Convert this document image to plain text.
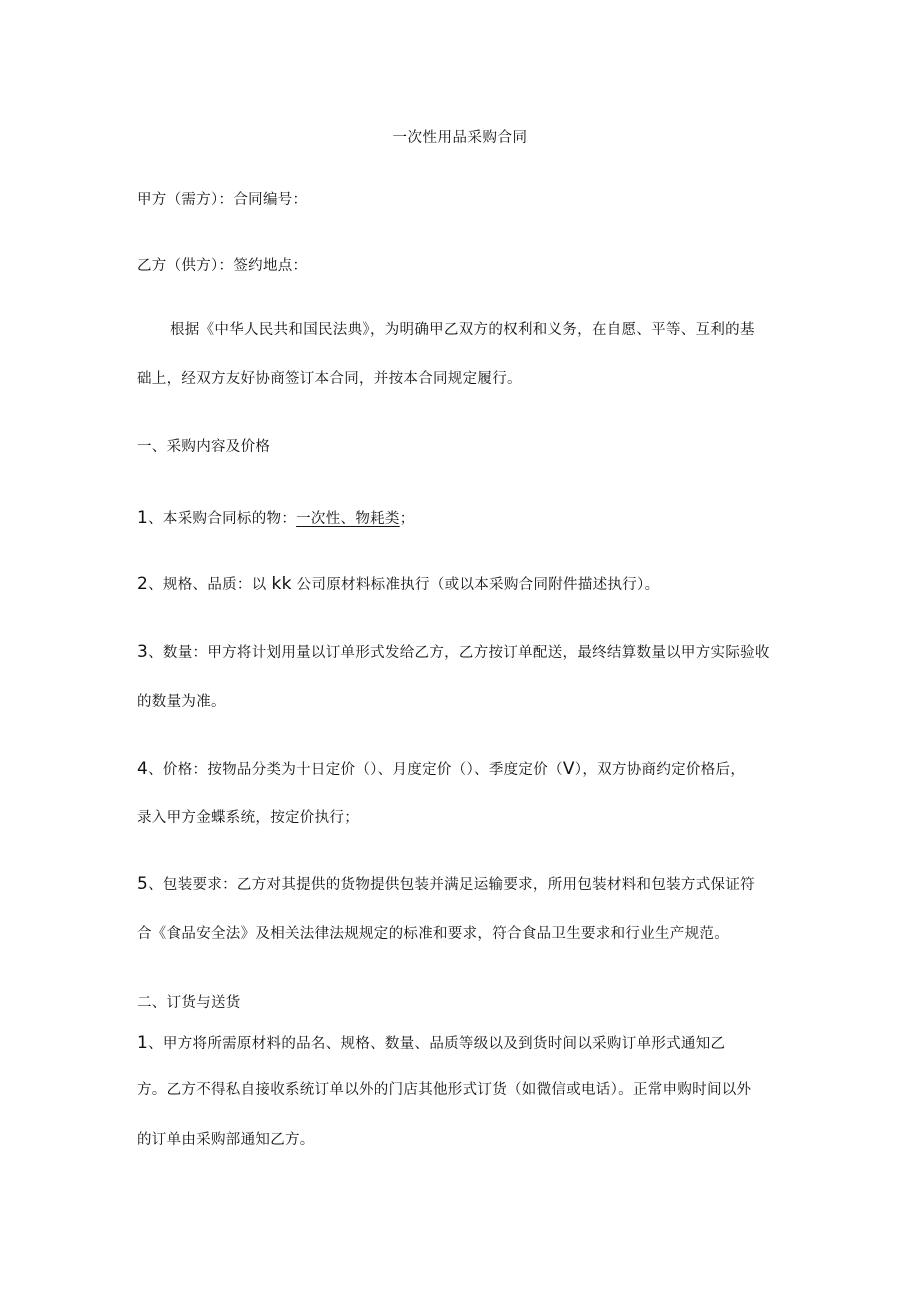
一次性用品采购合同
甲方（需方）：合同编号：
乙方（供方）：签约地点：
根据《中华人民共和国民法典》，为明确甲乙双方的权利和义务，在自愿、平等、互利的基
础上，经双方友好协商签订本合同，并按本合同规定履行。
一、采购内容及价格
1、本采购合同标的物：一次性、物耗类；
2、规格、品质：以 kk 公司原材料标准执行（或以本采购合同附件描述执行）。
3、数量：甲方将计划用量以订单形式发给乙方，乙方按订单配送，最终结算数量以甲方实际验收
的数量为准。
4、价格：按物品分类为十日定价（）、月度定价（）、季度定价（V），双方协商约定价格后，
录入甲方金蝶系统，按定价执行；
5、包装要求：乙方对其提供的货物提供包装并满足运输要求，所用包装材料和包装方式保证符
合《食品安全法》及相关法律法规规定的标准和要求，符合食品卫生要求和行业生产规范。
二、订货与送货
1、甲方将所需原材料的品名、规格、数量、品质等级以及到货时间以采购订单形式通知乙
方。乙方不得私自接收系统订单以外的门店其他形式订货（如微信或电话）。正常申购时间以外
的订单由采购部通知乙方。
